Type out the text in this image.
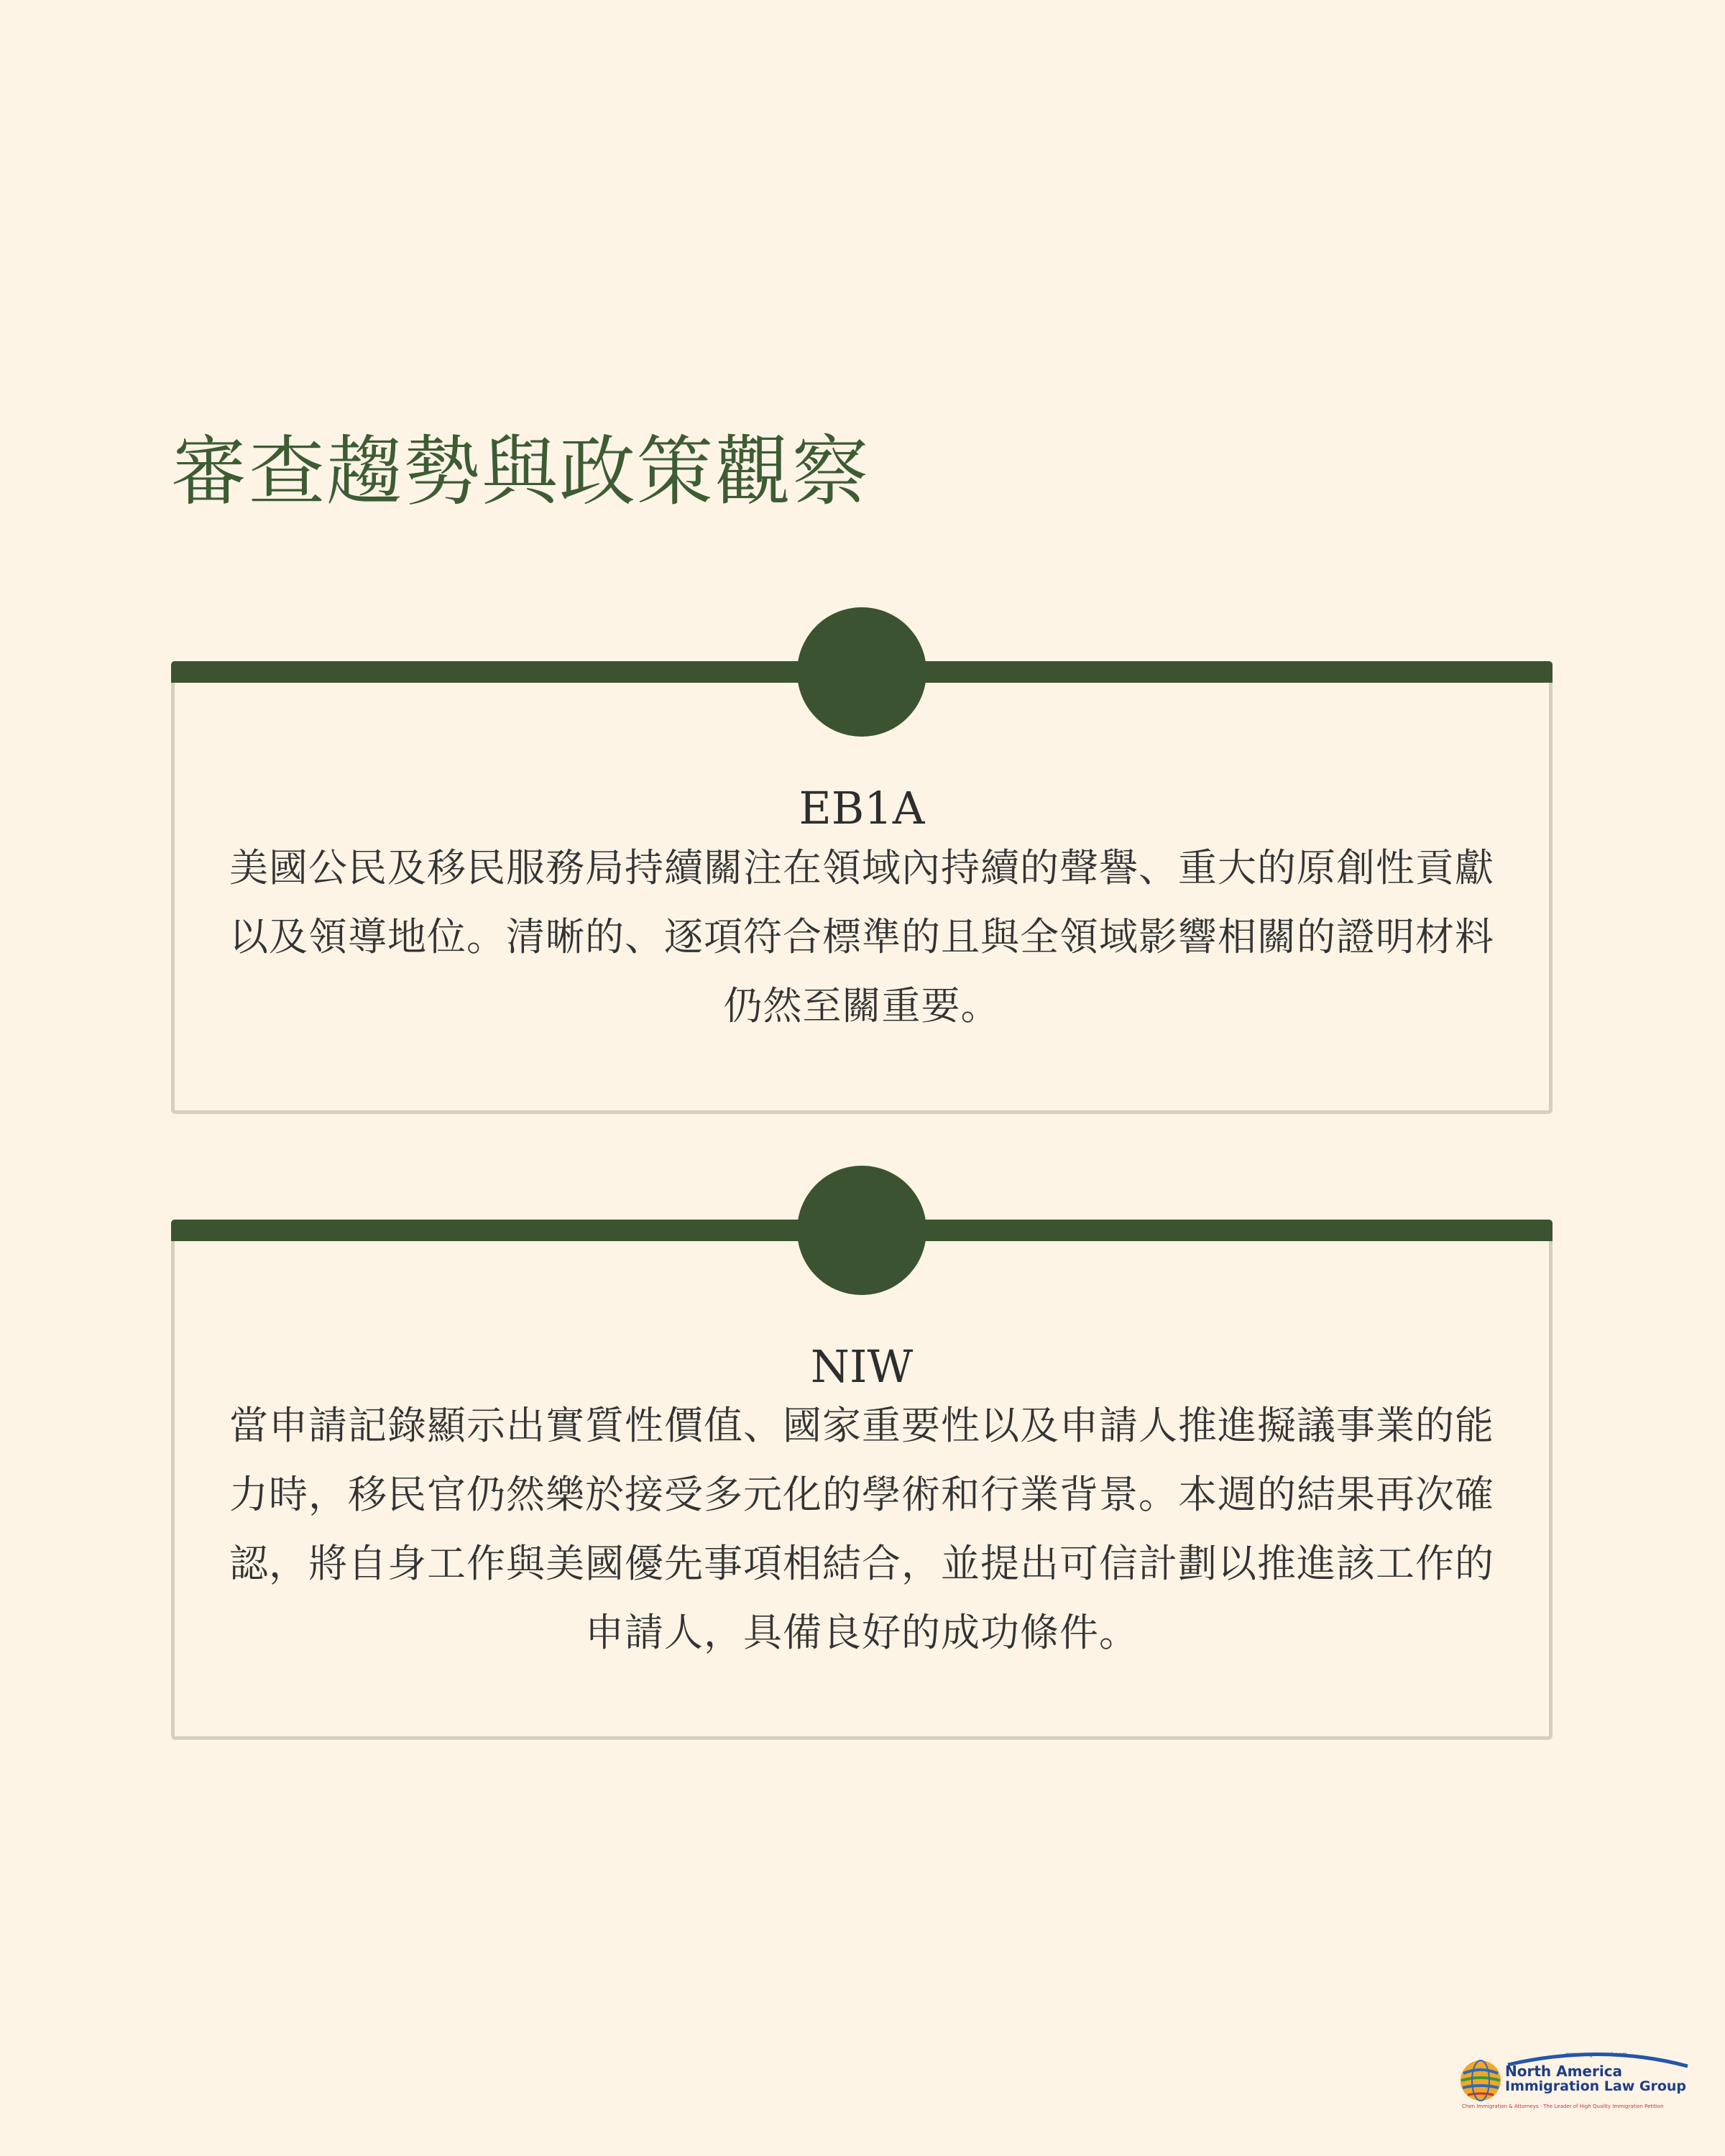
審查趨勢與政策觀察
EB1A

美國公民及移民服務局持續關注在領域內持續的聲譽、重大的原創性貢獻以及領導地位。清晰的、逐項符合標準的且與全領域影響相關的證明材料仍然至關重要。

NIW

當申請記錄顯示出實質性價值、國家重要性以及申請人推進擬議事業的能力時，移民官仍然樂於接受多元化的學術和行業背景。本週的結果再次確認，將自身工作與美國優先事項相結合，並提出可信計劃以推進該工作的申請人，具備良好的成功條件。

www.wegreened.com
North America
Immigration Law Group
Chen Immigration & Attorneys · The Leader of High Quality Immigration Petition
